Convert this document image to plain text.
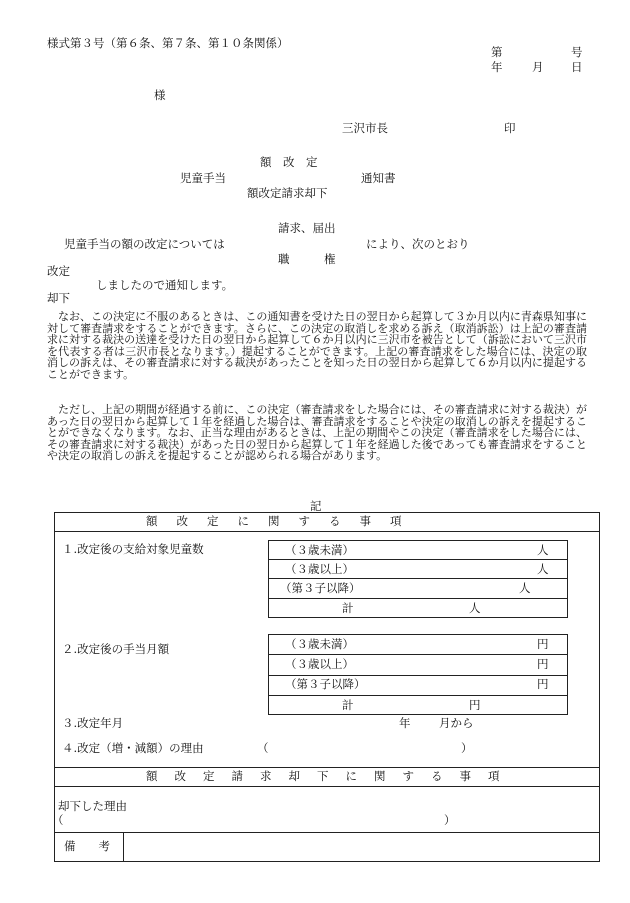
様式第３号（第６条、第７条、第１０条関係）
第	号
年	月 日
様
三沢市長	印
額　改　定
児童手当	通知書
額改定請求却下
請求、届出
児童手当の額の改定については	により、次のとおり
職　　　権
改定
しましたので通知します。
却下
なお、この決定に不服のあるときは、この通知書を受けた日の翌日から起算して３か月以内に青森県知事に対して審査請求をすることができます。さらに、この決定の取消しを求める訴え（取消訴訟）は上記の審査請求に対する裁決の送達を受けた日の翌日から起算して６か月以内に三沢市を被告として（訴訟において三沢市を代表する者は三沢市長となります。）提起することができます。上記の審査請求をした場合には、決定の取消しの訴えは、その審査請求に対する裁決があったことを知った日の翌日から起算して６か月以内に提起することができます。
ただし、上記の期間が経過する前に、この決定（審査請求をした場合には、その審査請求に対する裁決）があった日の翌日から起算して１年を経過した場合は、審査請求をすることや決定の取消しの訴えを提起することができなくなります。なお、正当な理由があるときは、上記の期間やこの決定（審査請求をした場合には、その審査請求に対する裁決）があった日の翌日から起算して１年を経過した後であっても審査請求をすることや決定の取消しの訴えを提起することが認められる場合があります。
記
額改定に関する事項
１.改定後の支給対象児童数	（３歳未満）	人
（３歳以上）	人
（第３子以降）	人
計	人
２.改定後の手当月額	（３歳未満）	円
（３歳以上）	円
（第３子以降）	円
計	円
３.改定年月	年 月から
４.改定（増・減額）の理由	（	）
額改定請求却下に関する事項
却下した理由
（	）
備　　考
